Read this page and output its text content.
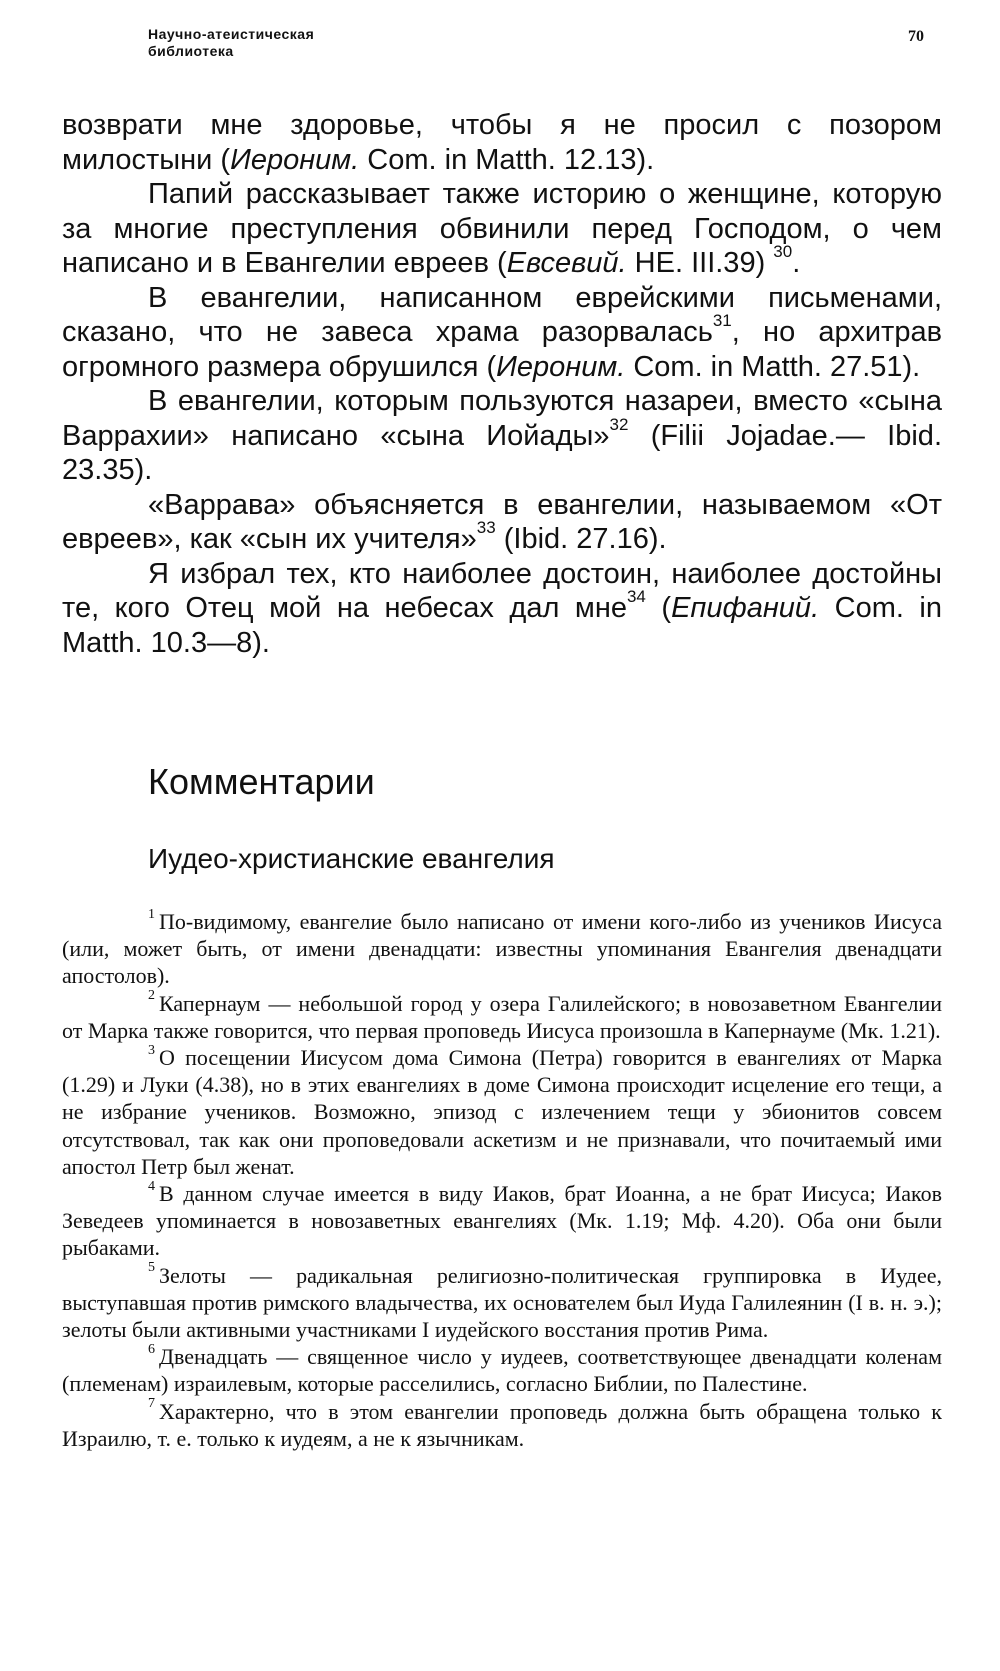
Научно-атеистическая
библиотека
70

возврати мне здоровье, чтобы я не просил с позором милостыни (Иероним. Com. in Matth. 12.13).

Папий рассказывает также историю о женщине, которую за многие преступления обвинили перед Господом, о чем написано и в Евангелии евреев (Евсевий. HE. III.39) $^{30}$.

В евангелии, написанном еврейскими письменами, сказано, что не завеса храма разорвалась$^{31}$, но архитрав огромного размера обрушился (Иероним. Com. in Matth. 27.51).

В евангелии, которым пользуются назареи, вместо «сына Варрахии» написано «сына Иойады»$^{32}$ (Filii Jojadae.— Ibid. 23.35).

«Варрава» объясняется в евангелии, называемом «От евреев», как «сын их учителя»$^{33}$ (Ibid. 27.16).

Я избрал тех, кто наиболее достоин, наиболее достойны те, кого Отец мой на небесах дал мне$^{34}$ (Епифаний. Com. in Matth. 10.3—8).

Комментарии
Иудео-христианские евангелия

$^1$ По-видимому, евангелие было написано от имени кого-либо из учеников Иисуса (или, может быть, от имени двенадцати: известны упоминания Евангелия двенадцати апостолов).

$^2$ Капернаум — небольшой город у озера Галилейского; в новозаветном Евангелии от Марка также говорится, что первая проповедь Иисуса произошла в Капернауме (Мк. 1.21).

$^3$ О посещении Иисусом дома Симона (Петра) говорится в евангелиях от Марка (1.29) и Луки (4.38), но в этих евангелиях в доме Симона происходит исцеление его тещи, а не избрание учеников. Возможно, эпизод с излечением тещи у эбионитов совсем отсутствовал, так как они проповедовали аскетизм и не признавали, что почитаемый ими апостол Петр был женат.

$^4$ В данном случае имеется в виду Иаков, брат Иоанна, а не брат Иисуса; Иаков Зеведеев упоминается в новозаветных евангелиях (Мк. 1.19; Мф. 4.20). Оба они были рыбаками.

$^5$ Зелоты — радикальная религиозно-политическая группировка в Иудее, выступавшая против римского владычества, их основателем был Иуда Галилеянин (I в. н. э.); зелоты были активными участниками I иудейского восстания против Рима.

$^6$ Двенадцать — священное число у иудеев, соответствующее двенадцати коленам (племенам) израилевым, которые расселились, согласно Библии, по Палестине.

$^7$ Характерно, что в этом евангелии проповедь должна быть обращена только к Израилю, т. е. только к иудеям, а не к язычникам.
